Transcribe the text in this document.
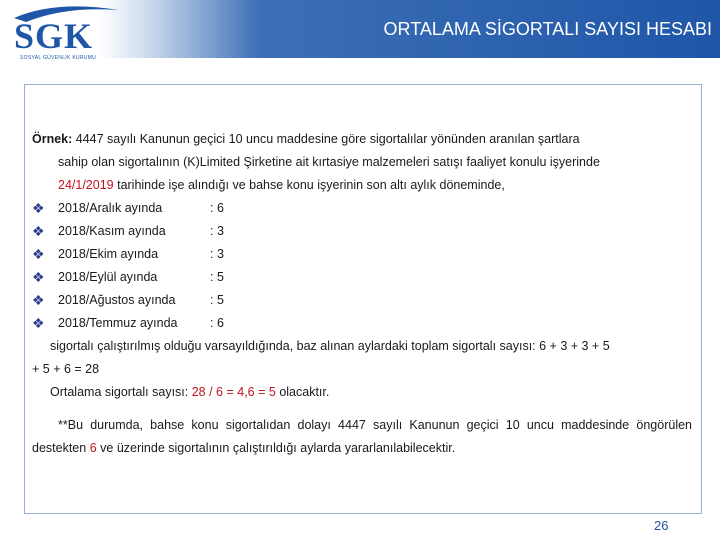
SGK
SOSYAL GÜVENLİK KURUMU
ORTALAMA SİGORTALI SAYISI HESABI
Örnek: 4447 sayılı Kanunun geçici 10 uncu maddesine göre sigortalılar yönünden aranılan şartlara
sahip olan sigortalının (K)Limited Şirketine ait kırtasiye malzemeleri satışı faaliyet konulu işyerinde
24/1/2019 tarihinde işe alındığı ve bahse konu işyerinin son altı aylık döneminde,
❖ 2018/Aralık ayında	: 6
❖ 2018/Kasım ayında	: 3
❖ 2018/Ekim ayında	: 3
❖ 2018/Eylül ayında	: 5
❖ 2018/Ağustos ayında	: 5
❖ 2018/Temmuz ayında	: 6
sigortalı çalıştırılmış olduğu varsayıldığında, baz alınan aylardaki toplam sigortalı sayısı: 6 + 3 + 3 + 5
+ 5 + 6 = 28
Ortalama sigortalı sayısı: 28 / 6 = 4,6 = 5 olacaktır.
**Bu durumda, bahse konu sigortalıdan dolayı 4447 sayılı Kanunun geçici 10 uncu maddesinde öngörülen destekten 6 ve üzerinde sigortalının çalıştırıldığı aylarda yararlanılabilecektir.
26
